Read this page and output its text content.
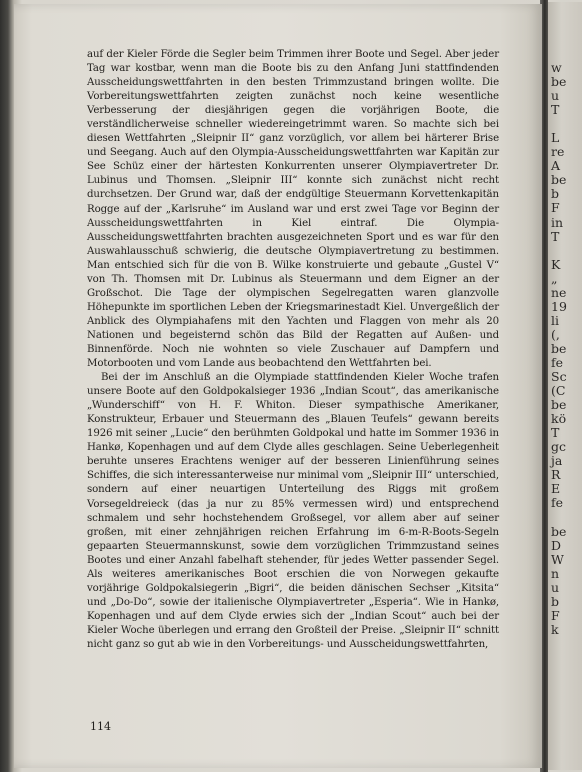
w
be
u
T
L
re
A
be
b
F
in
T
K
„
ne
19
li
(,
be
fe
Sc
(C
be
kö
T
gc
ja
R
E
fe
be
D
W
n
u
b
F
k

auf der Kieler Förde die Segler beim Trimmen ihrer Boote und Segel. Aber jeder Tag war kostbar, wenn man die Boote bis zu den Anfang Juni stattfindenden Ausscheidungswettfahrten in den besten Trimmzustand bringen wollte. Die Vorbereitungswettfahrten zeigten zunächst noch keine wesentliche Verbesserung der diesjährigen gegen die vorjährigen Boote, die verständlicherweise schneller wiedereingetrimmt waren. So machte sich bei diesen Wettfahrten „Sleipnir II“ ganz vorzüglich, vor allem bei härterer Brise und Seegang. Auch auf den Olympia-Ausscheidungswettfahrten war Kapitän zur See Schüz einer der härtesten Konkurrenten unserer Olympiavertreter Dr. Lubinus und Thomsen. „Sleipnir III“ konnte sich zunächst nicht recht durchsetzen. Der Grund war, daß der endgültige Steuermann Korvettenkapitän Rogge auf der „Karlsruhe“ im Ausland war und erst zwei Tage vor Beginn der Ausscheidungswettfahrten in Kiel eintraf. Die Olympia-Ausscheidungswettfahrten brachten ausgezeichneten Sport und es war für den Auswahlausschuß schwierig, die deutsche Olympiavertretung zu bestimmen. Man entschied sich für die von B. Wilke konstruierte und gebaute „Gustel V“ von Th. Thomsen mit Dr. Lubinus als Steuermann und dem Eigner an der Großschot. Die Tage der olympischen Segelregatten waren glanzvolle Höhepunkte im sportlichen Leben der Kriegsmarinestadt Kiel. Unvergeßlich der Anblick des Olympiahafens mit den Yachten und Flaggen von mehr als 20 Nationen und begeisternd schön das Bild der Regatten auf Außen- und Binnenförde. Noch nie wohnten so viele Zuschauer auf Dampfern und Motorbooten und vom Lande aus beobachtend den Wettfahrten bei.

Bei der im Anschluß an die Olympiade stattfindenden Kieler Woche trafen unsere Boote auf den Goldpokalsieger 1936 „Indian Scout“, das amerikanische „Wunderschiff“ von H. F. Whiton. Dieser sympathische Amerikaner, Konstrukteur, Erbauer und Steuermann des „Blauen Teufels“ gewann bereits 1926 mit seiner „Lucie“ den berühmten Goldpokal und hatte im Sommer 1936 in Hankø, Kopenhagen und auf dem Clyde alles geschlagen. Seine Ueberlegenheit beruhte unseres Erachtens weniger auf der besseren Linienführung seines Schiffes, die sich interessanterweise nur minimal vom „Sleipnir III“ unterschied, sondern auf einer neuartigen Unterteilung des Riggs mit großem Vorsegeldreieck (das ja nur zu 85% vermessen wird) und entsprechend schmalem und sehr hochstehendem Großsegel, vor allem aber auf seiner großen, mit einer zehnjährigen reichen Erfahrung im 6-m-R-Boots-Segeln gepaarten Steuermannskunst, sowie dem vorzüglichen Trimmzustand seines Bootes und einer Anzahl fabelhaft stehender, für jedes Wetter passender Segel. Als weiteres amerikanisches Boot erschien die von Norwegen gekaufte vorjährige Goldpokalsiegerin „Bigri“, die beiden dänischen Sechser „Kitsita“ und „Do-Do“, sowie der italienische Olympiavertreter „Esperia“. Wie in Hankø, Kopenhagen und auf dem Clyde erwies sich der „Indian Scout“ auch bei der Kieler Woche überlegen und errang den Großteil der Preise. „Sleipnir II“ schnitt nicht ganz so gut ab wie in den Vorbereitungs- und Ausscheidungswettfahrten,

114
